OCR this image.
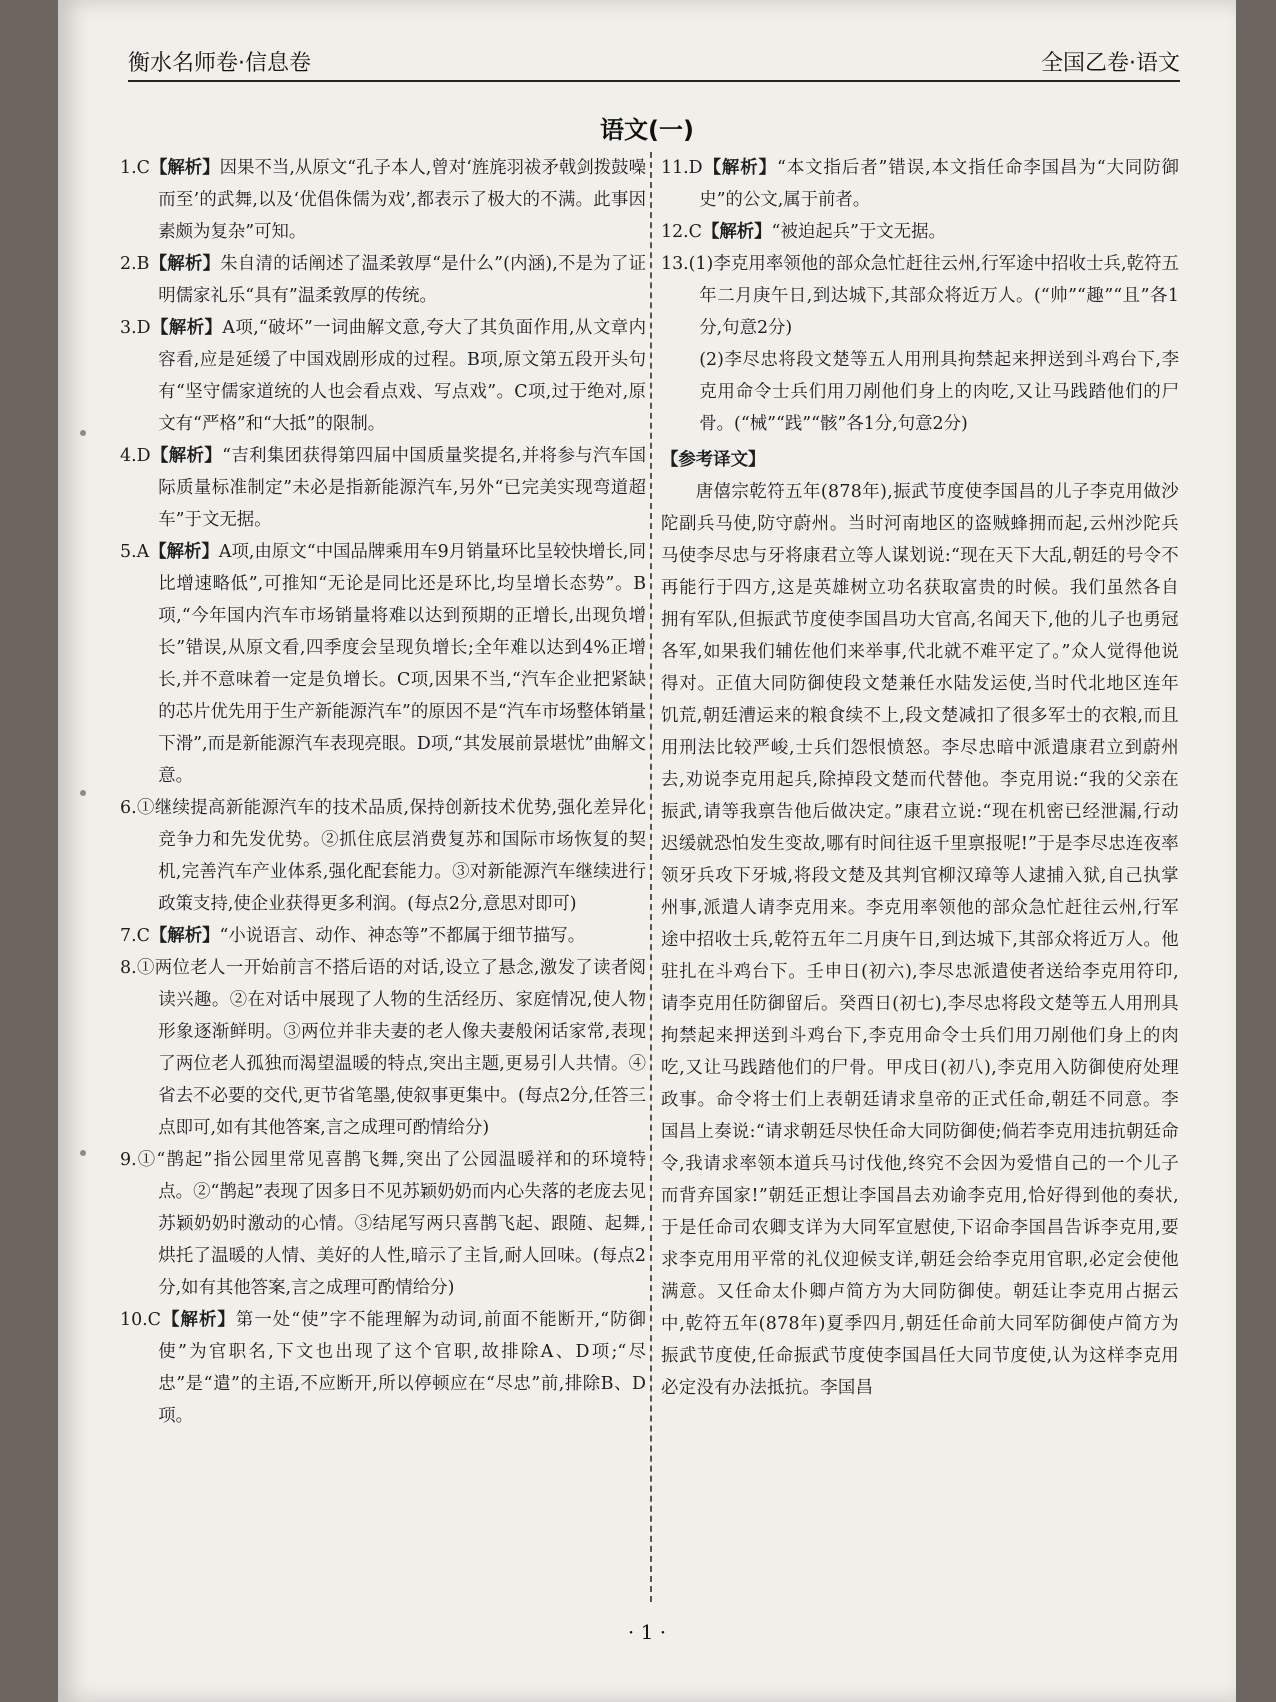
衡水名师卷·信息卷	全国乙卷·语文
语文(一)

1.C【解析】因果不当,从原文“孔子本人,曾对‘旌旄羽祓矛戟剑拨鼓噪而至’的武舞,以及‘优倡侏儒为戏’,都表示了极大的不满。此事因素颇为复杂”可知。

2.B【解析】朱自清的话阐述了温柔敦厚“是什么”(内涵),不是为了证明儒家礼乐“具有”温柔敦厚的传统。

3.D【解析】A项,“破坏”一词曲解文意,夸大了其负面作用,从文章内容看,应是延缓了中国戏剧形成的过程。B项,原文第五段开头句有“坚守儒家道统的人也会看点戏、写点戏”。C项,过于绝对,原文有“严格”和“大抵”的限制。

4.D【解析】“吉利集团获得第四届中国质量奖提名,并将参与汽车国际质量标准制定”未必是指新能源汽车,另外“已完美实现弯道超车”于文无据。

5.A【解析】A项,由原文“中国品牌乘用车9月销量环比呈较快增长,同比增速略低”,可推知“无论是同比还是环比,均呈增长态势”。B项,“今年国内汽车市场销量将难以达到预期的正增长,出现负增长”错误,从原文看,四季度会呈现负增长;全年难以达到4%正增长,并不意味着一定是负增长。C项,因果不当,“汽车企业把紧缺的芯片优先用于生产新能源汽车”的原因不是“汽车市场整体销量下滑”,而是新能源汽车表现亮眼。D项,“其发展前景堪忧”曲解文意。

6.①继续提高新能源汽车的技术品质,保持创新技术优势,强化差异化竞争力和先发优势。②抓住底层消费复苏和国际市场恢复的契机,完善汽车产业体系,强化配套能力。③对新能源汽车继续进行政策支持,使企业获得更多利润。(每点2分,意思对即可)

7.C【解析】“小说语言、动作、神态等”不都属于细节描写。

8.①两位老人一开始前言不搭后语的对话,设立了悬念,激发了读者阅读兴趣。②在对话中展现了人物的生活经历、家庭情况,使人物形象逐渐鲜明。③两位并非夫妻的老人像夫妻般闲话家常,表现了两位老人孤独而渴望温暖的特点,突出主题,更易引人共情。④省去不必要的交代,更节省笔墨,使叙事更集中。(每点2分,任答三点即可,如有其他答案,言之成理可酌情给分)

9.①“鹊起”指公园里常见喜鹊飞舞,突出了公园温暖祥和的环境特点。②“鹊起”表现了因多日不见苏颖奶奶而内心失落的老庞去见苏颖奶奶时激动的心情。③结尾写两只喜鹊飞起、跟随、起舞,烘托了温暖的人情、美好的人性,暗示了主旨,耐人回味。(每点2分,如有其他答案,言之成理可酌情给分)

10.C【解析】第一处“使”字不能理解为动词,前面不能断开,“防御使”为官职名,下文也出现了这个官职,故排除A、D项;“尽忠”是“遣”的主语,不应断开,所以停顿应在“尽忠”前,排除B、D项。

11.D【解析】“本文指后者”错误,本文指任命李国昌为“大同防御史”的公文,属于前者。

12.C【解析】“被迫起兵”于文无据。

13.(1)李克用率领他的部众急忙赶往云州,行军途中招收士兵,乾符五年二月庚午日,到达城下,其部众将近万人。(“帅”“趣”“且”各1分,句意2分)

(2)李尽忠将段文楚等五人用刑具拘禁起来押送到斗鸡台下,李克用命令士兵们用刀剐他们身上的肉吃,又让马践踏他们的尸骨。(“械”“践”“骸”各1分,句意2分)

【参考译文】

唐僖宗乾符五年(878年),振武节度使李国昌的儿子李克用做沙陀副兵马使,防守蔚州。当时河南地区的盗贼蜂拥而起,云州沙陀兵马使李尽忠与牙将康君立等人谋划说:“现在天下大乱,朝廷的号令不再能行于四方,这是英雄树立功名获取富贵的时候。我们虽然各自拥有军队,但振武节度使李国昌功大官高,名闻天下,他的儿子也勇冠各军,如果我们辅佐他们来举事,代北就不难平定了。”众人觉得他说得对。正值大同防御使段文楚兼任水陆发运使,当时代北地区连年饥荒,朝廷漕运来的粮食续不上,段文楚减扣了很多军士的衣粮,而且用刑法比较严峻,士兵们怨恨愤怒。李尽忠暗中派遣康君立到蔚州去,劝说李克用起兵,除掉段文楚而代替他。李克用说:“我的父亲在振武,请等我禀告他后做决定。”康君立说:“现在机密已经泄漏,行动迟缓就恐怕发生变故,哪有时间往返千里禀报呢!”于是李尽忠连夜率领牙兵攻下牙城,将段文楚及其判官柳汉璋等人逮捕入狱,自己执掌州事,派遣人请李克用来。李克用率领他的部众急忙赶往云州,行军途中招收士兵,乾符五年二月庚午日,到达城下,其部众将近万人。他驻扎在斗鸡台下。壬申日(初六),李尽忠派遣使者送给李克用符印,请李克用任防御留后。癸酉日(初七),李尽忠将段文楚等五人用刑具拘禁起来押送到斗鸡台下,李克用命令士兵们用刀剐他们身上的肉吃,又让马践踏他们的尸骨。甲戌日(初八),李克用入防御使府处理政事。命令将士们上表朝廷请求皇帝的正式任命,朝廷不同意。李国昌上奏说:“请求朝廷尽快任命大同防御使;倘若李克用违抗朝廷命令,我请求率领本道兵马讨伐他,终究不会因为爱惜自己的一个儿子而背弃国家!”朝廷正想让李国昌去劝谕李克用,恰好得到他的奏状,于是任命司农卿支详为大同军宣慰使,下诏命李国昌告诉李克用,要求李克用用平常的礼仪迎候支详,朝廷会给李克用官职,必定会使他满意。又任命太仆卿卢简方为大同防御使。朝廷让李克用占据云中,乾符五年(878年)夏季四月,朝廷任命前大同军防御使卢简方为振武节度使,任命振武节度使李国昌任大同节度使,认为这样李克用必定没有办法抵抗。李国昌

· 1 ·
